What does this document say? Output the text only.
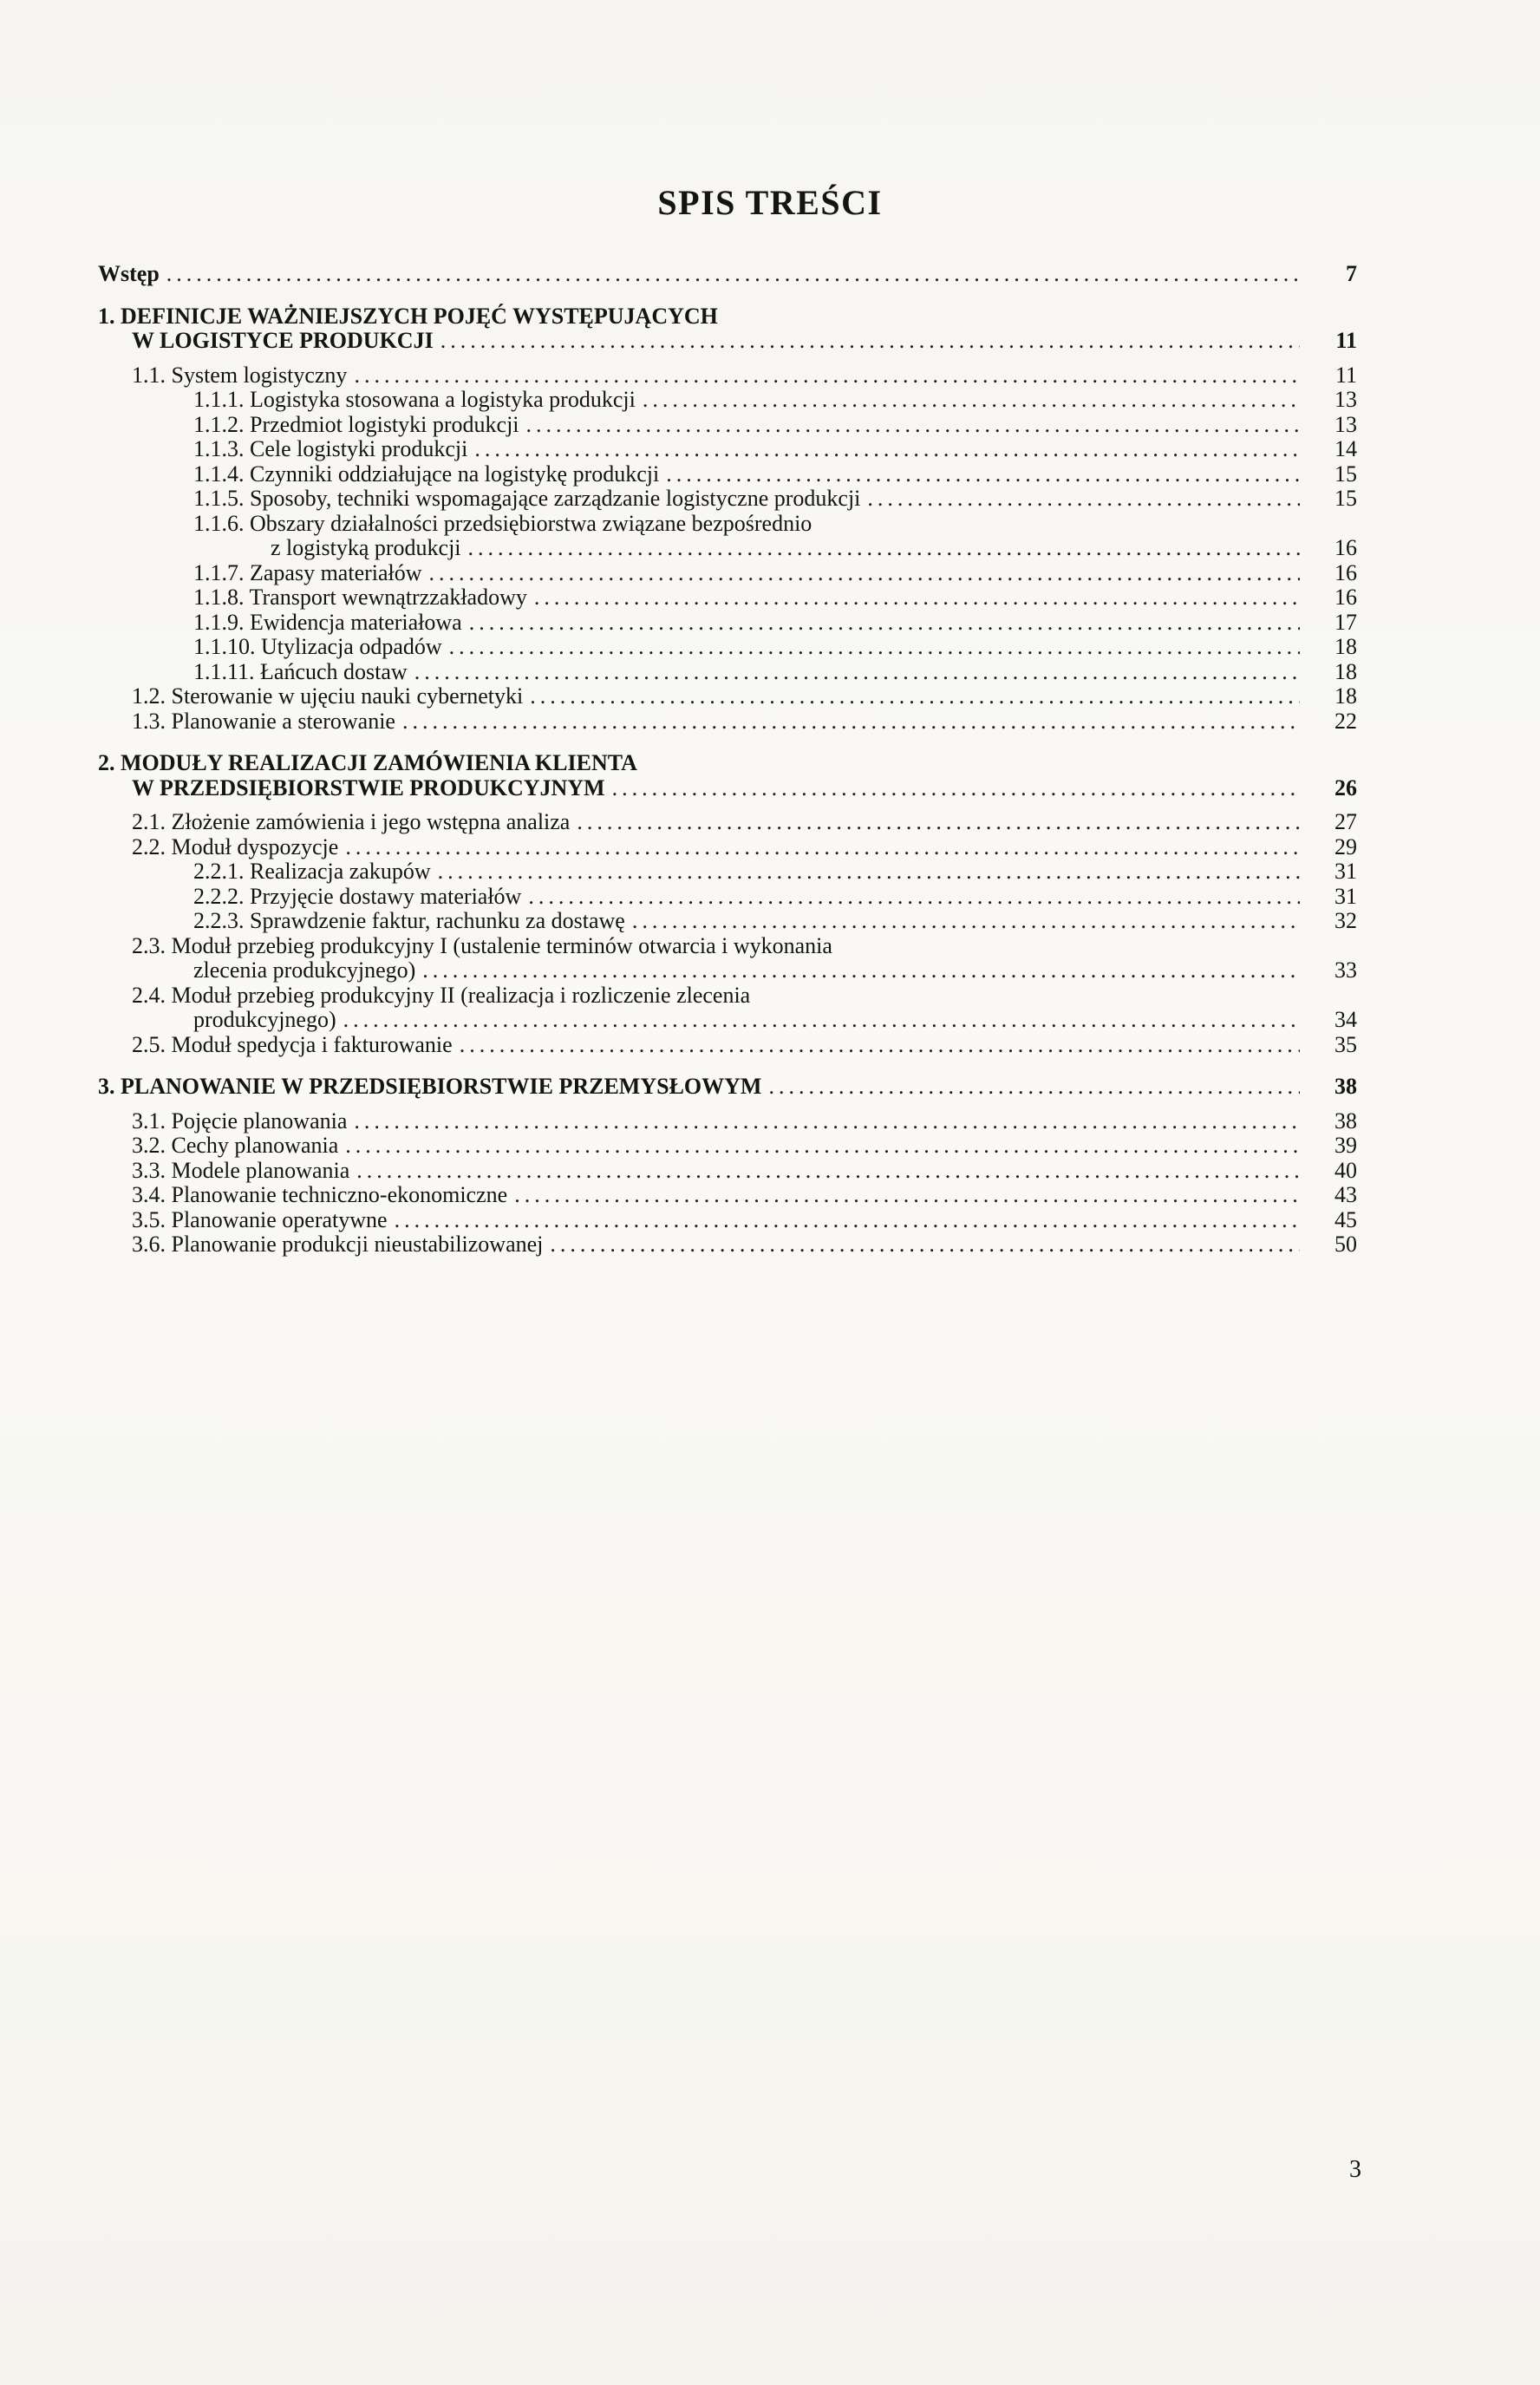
SPIS TREŚCI
Wstęp .....	7
1. DEFINICJE WAŻNIEJSZYCH POJĘĆ WYSTĘPUJĄCYCH
W LOGISTYCE PRODUKCJI .....	11
1.1. System logistyczny .....	11
1.1.1. Logistyka stosowana a logistyka produkcji .....	13
1.1.2. Przedmiot logistyki produkcji .....	13
1.1.3. Cele logistyki produkcji .....	14
1.1.4. Czynniki oddziałujące na logistykę produkcji .....	15
1.1.5. Sposoby, techniki wspomagające zarządzanie logistyczne produkcji .....	15
1.1.6. Obszary działalności przedsiębiorstwa związane bezpośrednio
z logistyką produkcji .....	16
1.1.7. Zapasy materiałów .....	16
1.1.8. Transport wewnątrzzakładowy .....	16
1.1.9. Ewidencja materiałowa .....	17
1.1.10. Utylizacja odpadów .....	18
1.1.11. Łańcuch dostaw .....	18
1.2. Sterowanie w ujęciu nauki cybernetyki .....	18
1.3. Planowanie a sterowanie .....	22
2. MODUŁY REALIZACJI ZAMÓWIENIA KLIENTA
W PRZEDSIĘBIORSTWIE PRODUKCYJNYM .....	26
2.1. Złożenie zamówienia i jego wstępna analiza .....	27
2.2. Moduł dyspozycje .....	29
2.2.1. Realizacja zakupów .....	31
2.2.2. Przyjęcie dostawy materiałów .....	31
2.2.3. Sprawdzenie faktur, rachunku za dostawę .....	32
2.3. Moduł przebieg produkcyjny I (ustalenie terminów otwarcia i wykonania
zlecenia produkcyjnego) .....	33
2.4. Moduł przebieg produkcyjny II (realizacja i rozliczenie zlecenia
produkcyjnego) .....	34
2.5. Moduł spedycja i fakturowanie .....	35
3. PLANOWANIE W PRZEDSIĘBIORSTWIE PRZEMYSŁOWYM .....	38
3.1. Pojęcie planowania .....	38
3.2. Cechy planowania .....	39
3.3. Modele planowania .....	40
3.4. Planowanie techniczno-ekonomiczne .....	43
3.5. Planowanie operatywne .....	45
3.6. Planowanie produkcji nieustabilizowanej .....	50
3
